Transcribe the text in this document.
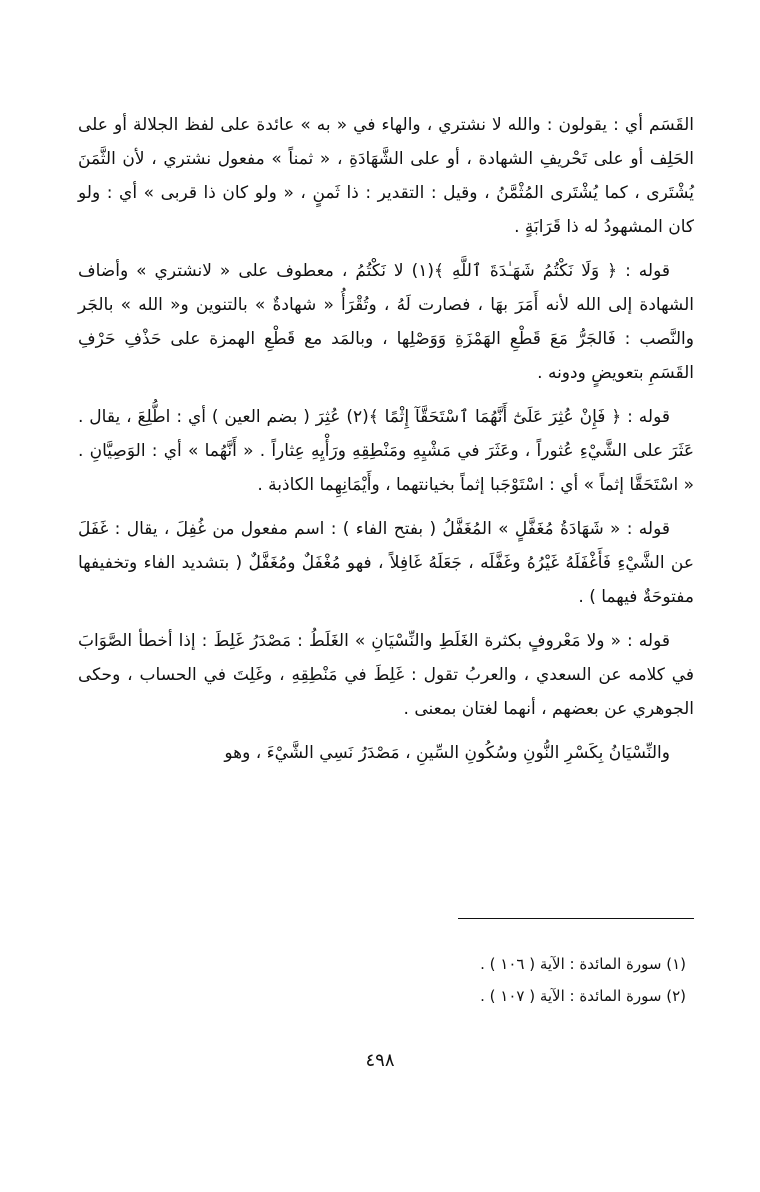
القَسَم أي : يقولون : والله لا نشتري ، والهاء في « به » عائدة على لفظ الجلالة أو على الحَلِف أو على تَحْريفِ الشهادة ، أو على الشَّهَادَةِ ، « ثمناً » مفعول نشتري ، لأن الثَّمَنَ يُشْتَرى ، كما يُشْتَرى المُثْمَّنُ ، وقيل : التقدير : ذا ثَمنٍ ، « ولو كان ذا قربى » أي : ولو كان المشهودُ له ذا قَرَابَةٍ .

قوله : ﴿ وَلَا نَكْتُمُ شَهَـٰدَةَ ٱللَّهِ ﴾(١) لا نَكْتُمُ ، معطوف على « لانشتري » وأضاف الشهادة إلى الله لأنه أَمَرَ بهَا ، فصارت لَهُ ، وتُقْرَأُ « شهادةٌ » بالتنوين و« الله » بالجَر والنَّصب : فَالجَرُّ مَعَ قَطْعِ الهَمْزَةِ وَوَصْلِها ، وبالمَد مع قَطْعِ الهمزة على حَذْفِ حَرْفِ القَسَمِ بتعويضٍ ودونه .

قوله : ﴿ فَإِنْ عُثِرَ عَلَىٰٓ أَنَّهُمَا ٱسْتَحَقَّآ إِثْمًا ﴾(٢) عُثِرَ ( بضم العين ) أي : اطُّلِعَ ، يقال . عَثَرَ على الشَّيْءِ عُثوراً ، وعَثَرَ في مَشْيِهِ ومَنْطِقِهِ ورَأْيِهِ عِثاراً . « أَنَّهُما » أي : الوَصِيَّانِ . « اسْتَحَقَّا إثماً » أي : اسْتَوْجَبا إثماً بخيانتهما ، وأَيْمَانِهِما الكاذبة .

قوله : « شَهَادَةُ مُغَفَّلٍ » المُغَفَّلُ ( بفتح الفاء ) : اسم مفعول من غُفِلَ ، يقال : غَفَلَ عن الشَّيْءِ فَأَغْفَلَهُ غَيْرُهُ وغَفَّلَه ، جَعَلَهُ غَافِلاً ، فهو مُغْفَلٌ ومُغَفَّلٌ ( بتشديد الفاء وتخفيفها مفتوحَةٌ فيهما ) .

قوله : « ولا مَعْروفٍ بكثرة الغَلَطِ والنِّسْيَانِ » الغَلَطُ : مَصْدَرُ غَلِطَ : إذا أخطأ الصَّوَابَ في كلامه عن السعدي ، والعربُ تقول : غَلِطَ في مَنْطِقِهِ ، وغَلِتَ في الحساب ، وحكى الجوهري عن بعضهم ، أنهما لغتان بمعنى .

والنِّسْيَانُ بِكَسْرِ النُّونِ وسُكُونِ السِّينِ ، مَصْدَرُ نَسِي الشَّيْءَ ، وهو

(١) سورة المائدة : الآية ( ١٠٦ ) .
(٢) سورة المائدة : الآية ( ١٠٧ ) .
٤٩٨
